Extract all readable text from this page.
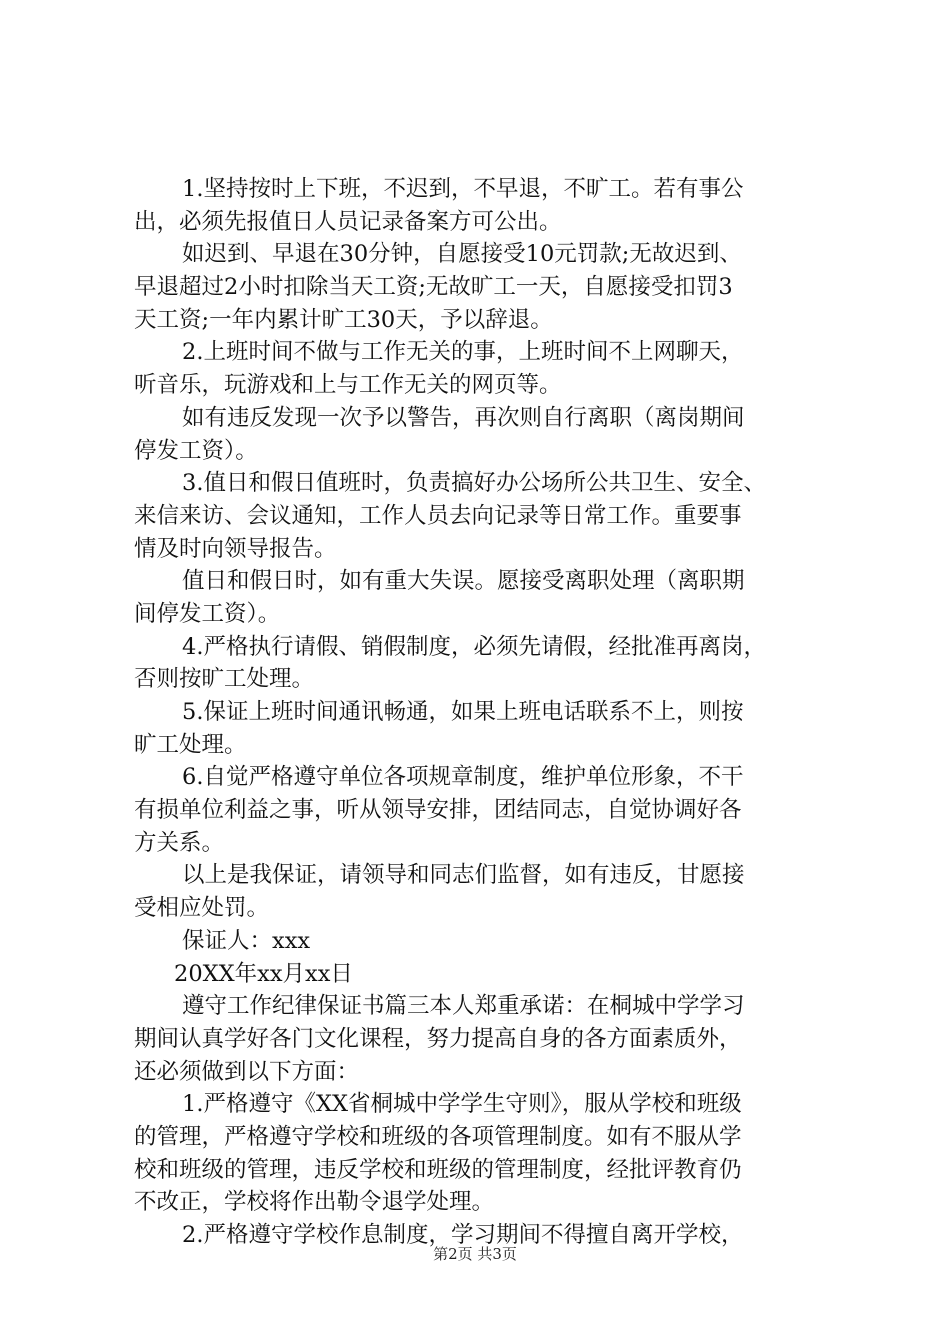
1.坚持按时上下班，不迟到，不早退，不旷工。若有事公
出，必须先报值日人员记录备案方可公出。
如迟到、早退在30分钟，自愿接受10元罚款;无故迟到、
早退超过2小时扣除当天工资;无故旷工一天，自愿接受扣罚3
天工资;一年内累计旷工30天，予以辞退。
2.上班时间不做与工作无关的事，上班时间不上网聊天，
听音乐，玩游戏和上与工作无关的网页等。
如有违反发现一次予以警告，再次则自行离职（离岗期间
停发工资）。
3.值日和假日值班时，负责搞好办公场所公共卫生、安全、
来信来访、会议通知，工作人员去向记录等日常工作。重要事
情及时向领导报告。
值日和假日时，如有重大失误。愿接受离职处理（离职期
间停发工资）。
4.严格执行请假、销假制度，必须先请假，经批准再离岗，
否则按旷工处理。
5.保证上班时间通讯畅通，如果上班电话联系不上，则按
旷工处理。
6.自觉严格遵守单位各项规章制度，维护单位形象，不干
有损单位利益之事，听从领导安排，团结同志，自觉协调好各
方关系。
以上是我保证，请领导和同志们监督，如有违反，甘愿接
受相应处罚。
保证人：xxx
20XX年xx月xx日
遵守工作纪律保证书篇三本人郑重承诺：在桐城中学学习
期间认真学好各门文化课程，努力提高自身的各方面素质外，
还必须做到以下方面：
1.严格遵守《XX省桐城中学学生守则》，服从学校和班级
的管理，严格遵守学校和班级的各项管理制度。如有不服从学
校和班级的管理，违反学校和班级的管理制度，经批评教育仍
不改正，学校将作出勒令退学处理。
2.严格遵守学校作息制度，学习期间不得擅自离开学校，
第2页 共3页
